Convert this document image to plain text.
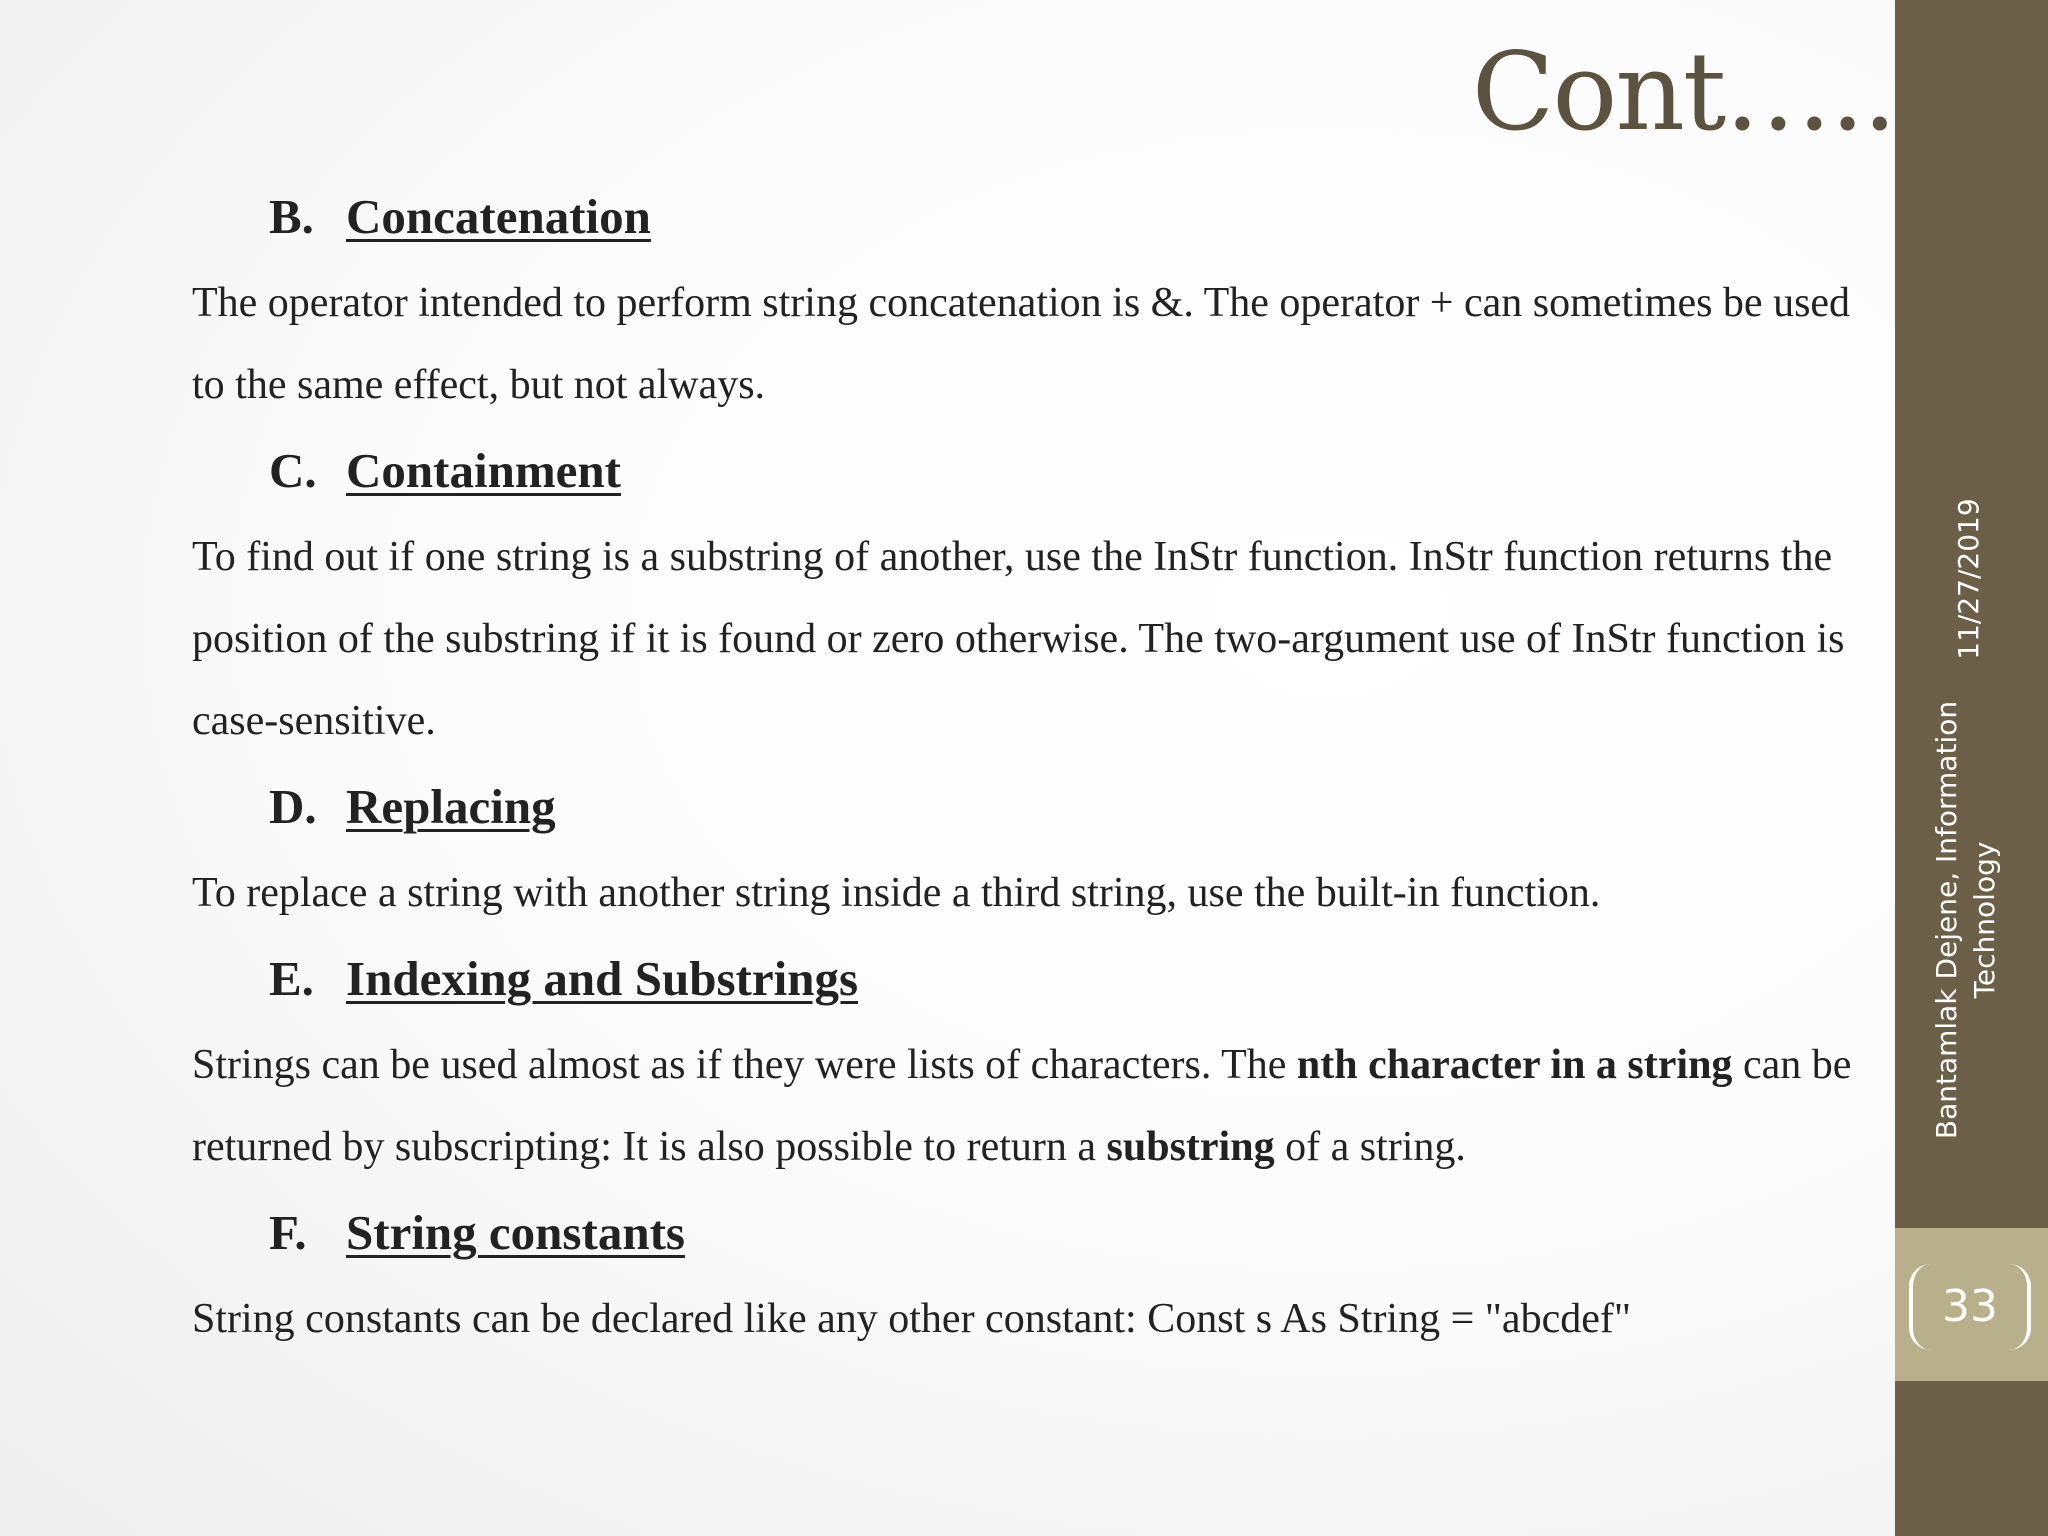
Cont…..
B. Concatenation

The operator intended to perform string concatenation is &. The operator + can sometimes be used to the same effect, but not always.

C. Containment

To find out if one string is a substring of another, use the InStr function. InStr function returns the position of the substring if it is found or zero otherwise. The two-argument use of InStr function is case-sensitive.

D. Replacing

To replace a string with another string inside a third string, use the built-in function.

E. Indexing and Substrings

Strings can be used almost as if they were lists of characters. The nth character in a string can be returned by subscripting: It is also possible to return a substring of a string.

F. String constants

String constants can be declared like any other constant: Const s As String = "abcdef"	33
11/27/2019
Bantamlak Dejene, Information Technology
